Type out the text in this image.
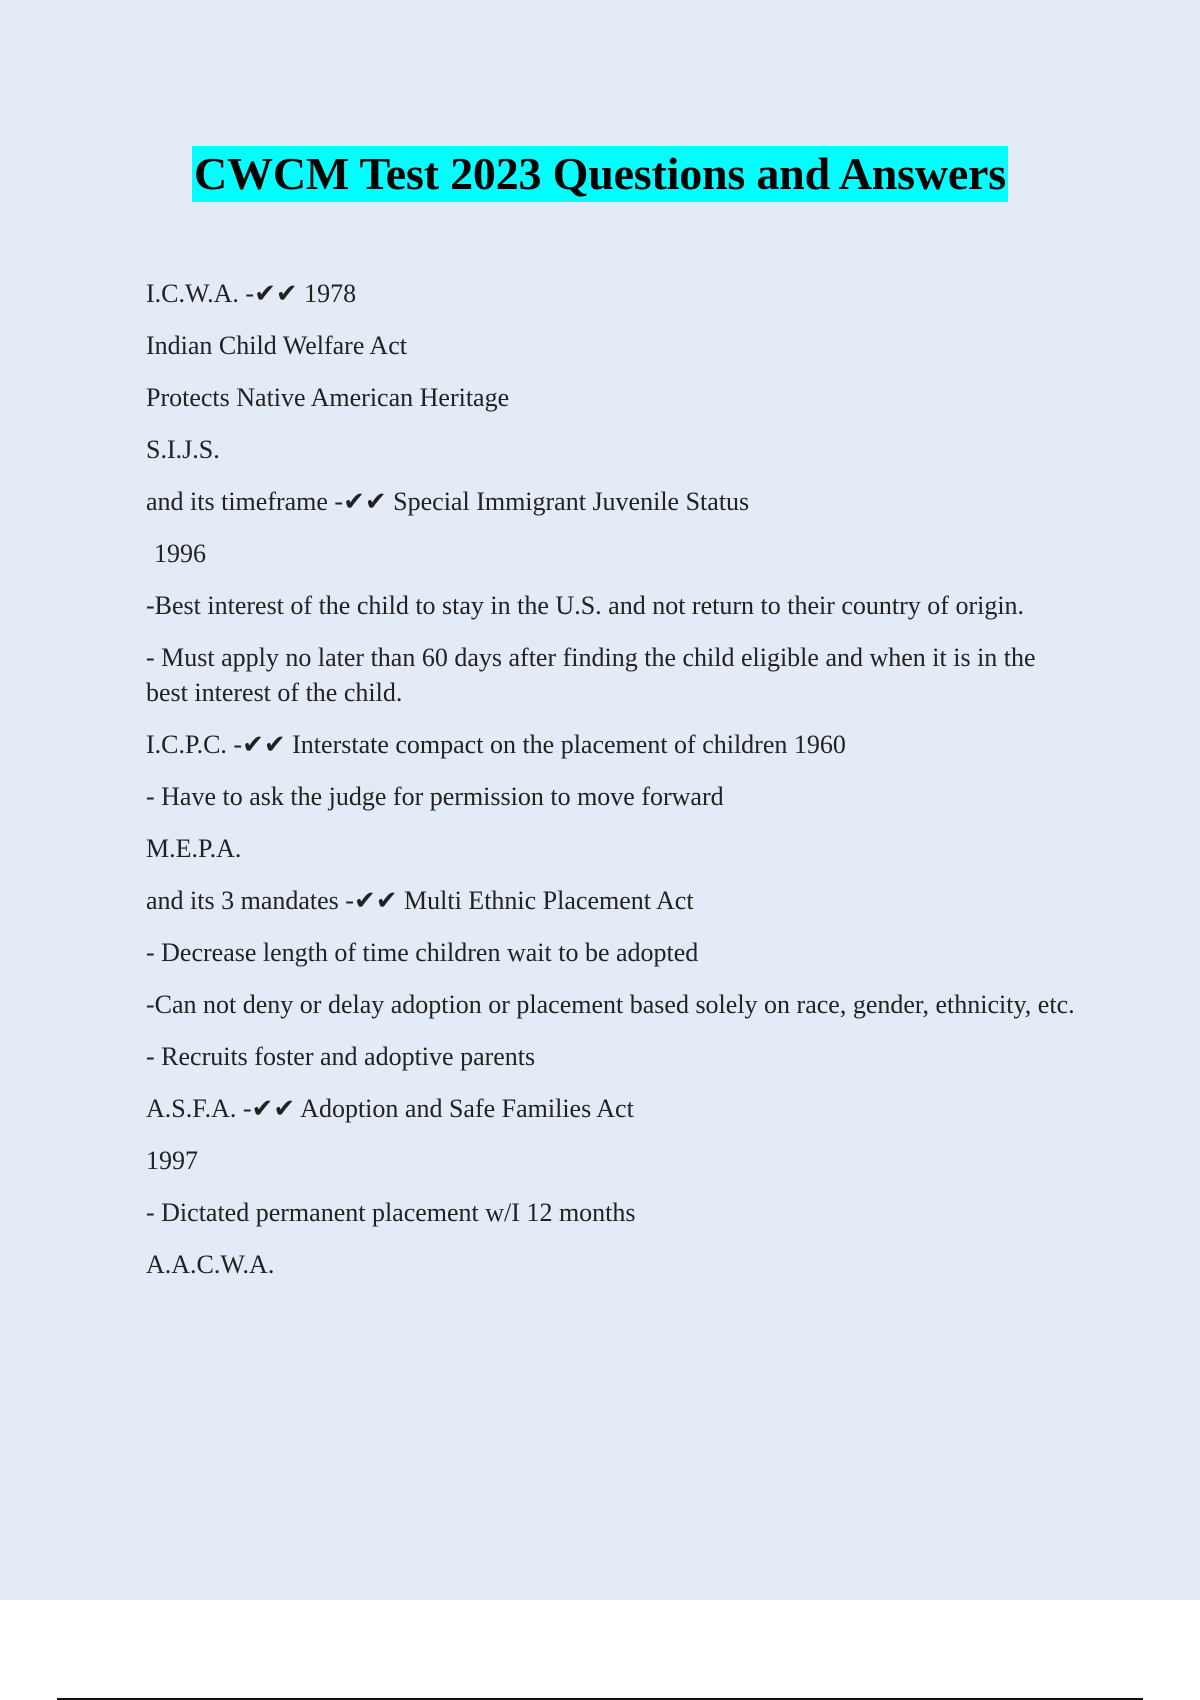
CWCM Test 2023 Questions and Answers

I.C.W.A. -✔✔ 1978

Indian Child Welfare Act

Protects Native American Heritage

S.I.J.S.

and its timeframe -✔✔ Special Immigrant Juvenile Status

1996

-Best interest of the child to stay in the U.S. and not return to their country of origin.

- Must apply no later than 60 days after finding the child eligible and when it is in the best interest of the child.

I.C.P.C. -✔✔ Interstate compact on the placement of children 1960

- Have to ask the judge for permission to move forward

M.E.P.A.

and its 3 mandates -✔✔ Multi Ethnic Placement Act

- Decrease length of time children wait to be adopted

-Can not deny or delay adoption or placement based solely on race, gender, ethnicity, etc.

- Recruits foster and adoptive parents

A.S.F.A. -✔✔ Adoption and Safe Families Act

1997

- Dictated permanent placement w/I 12 months

A.A.C.W.A.
